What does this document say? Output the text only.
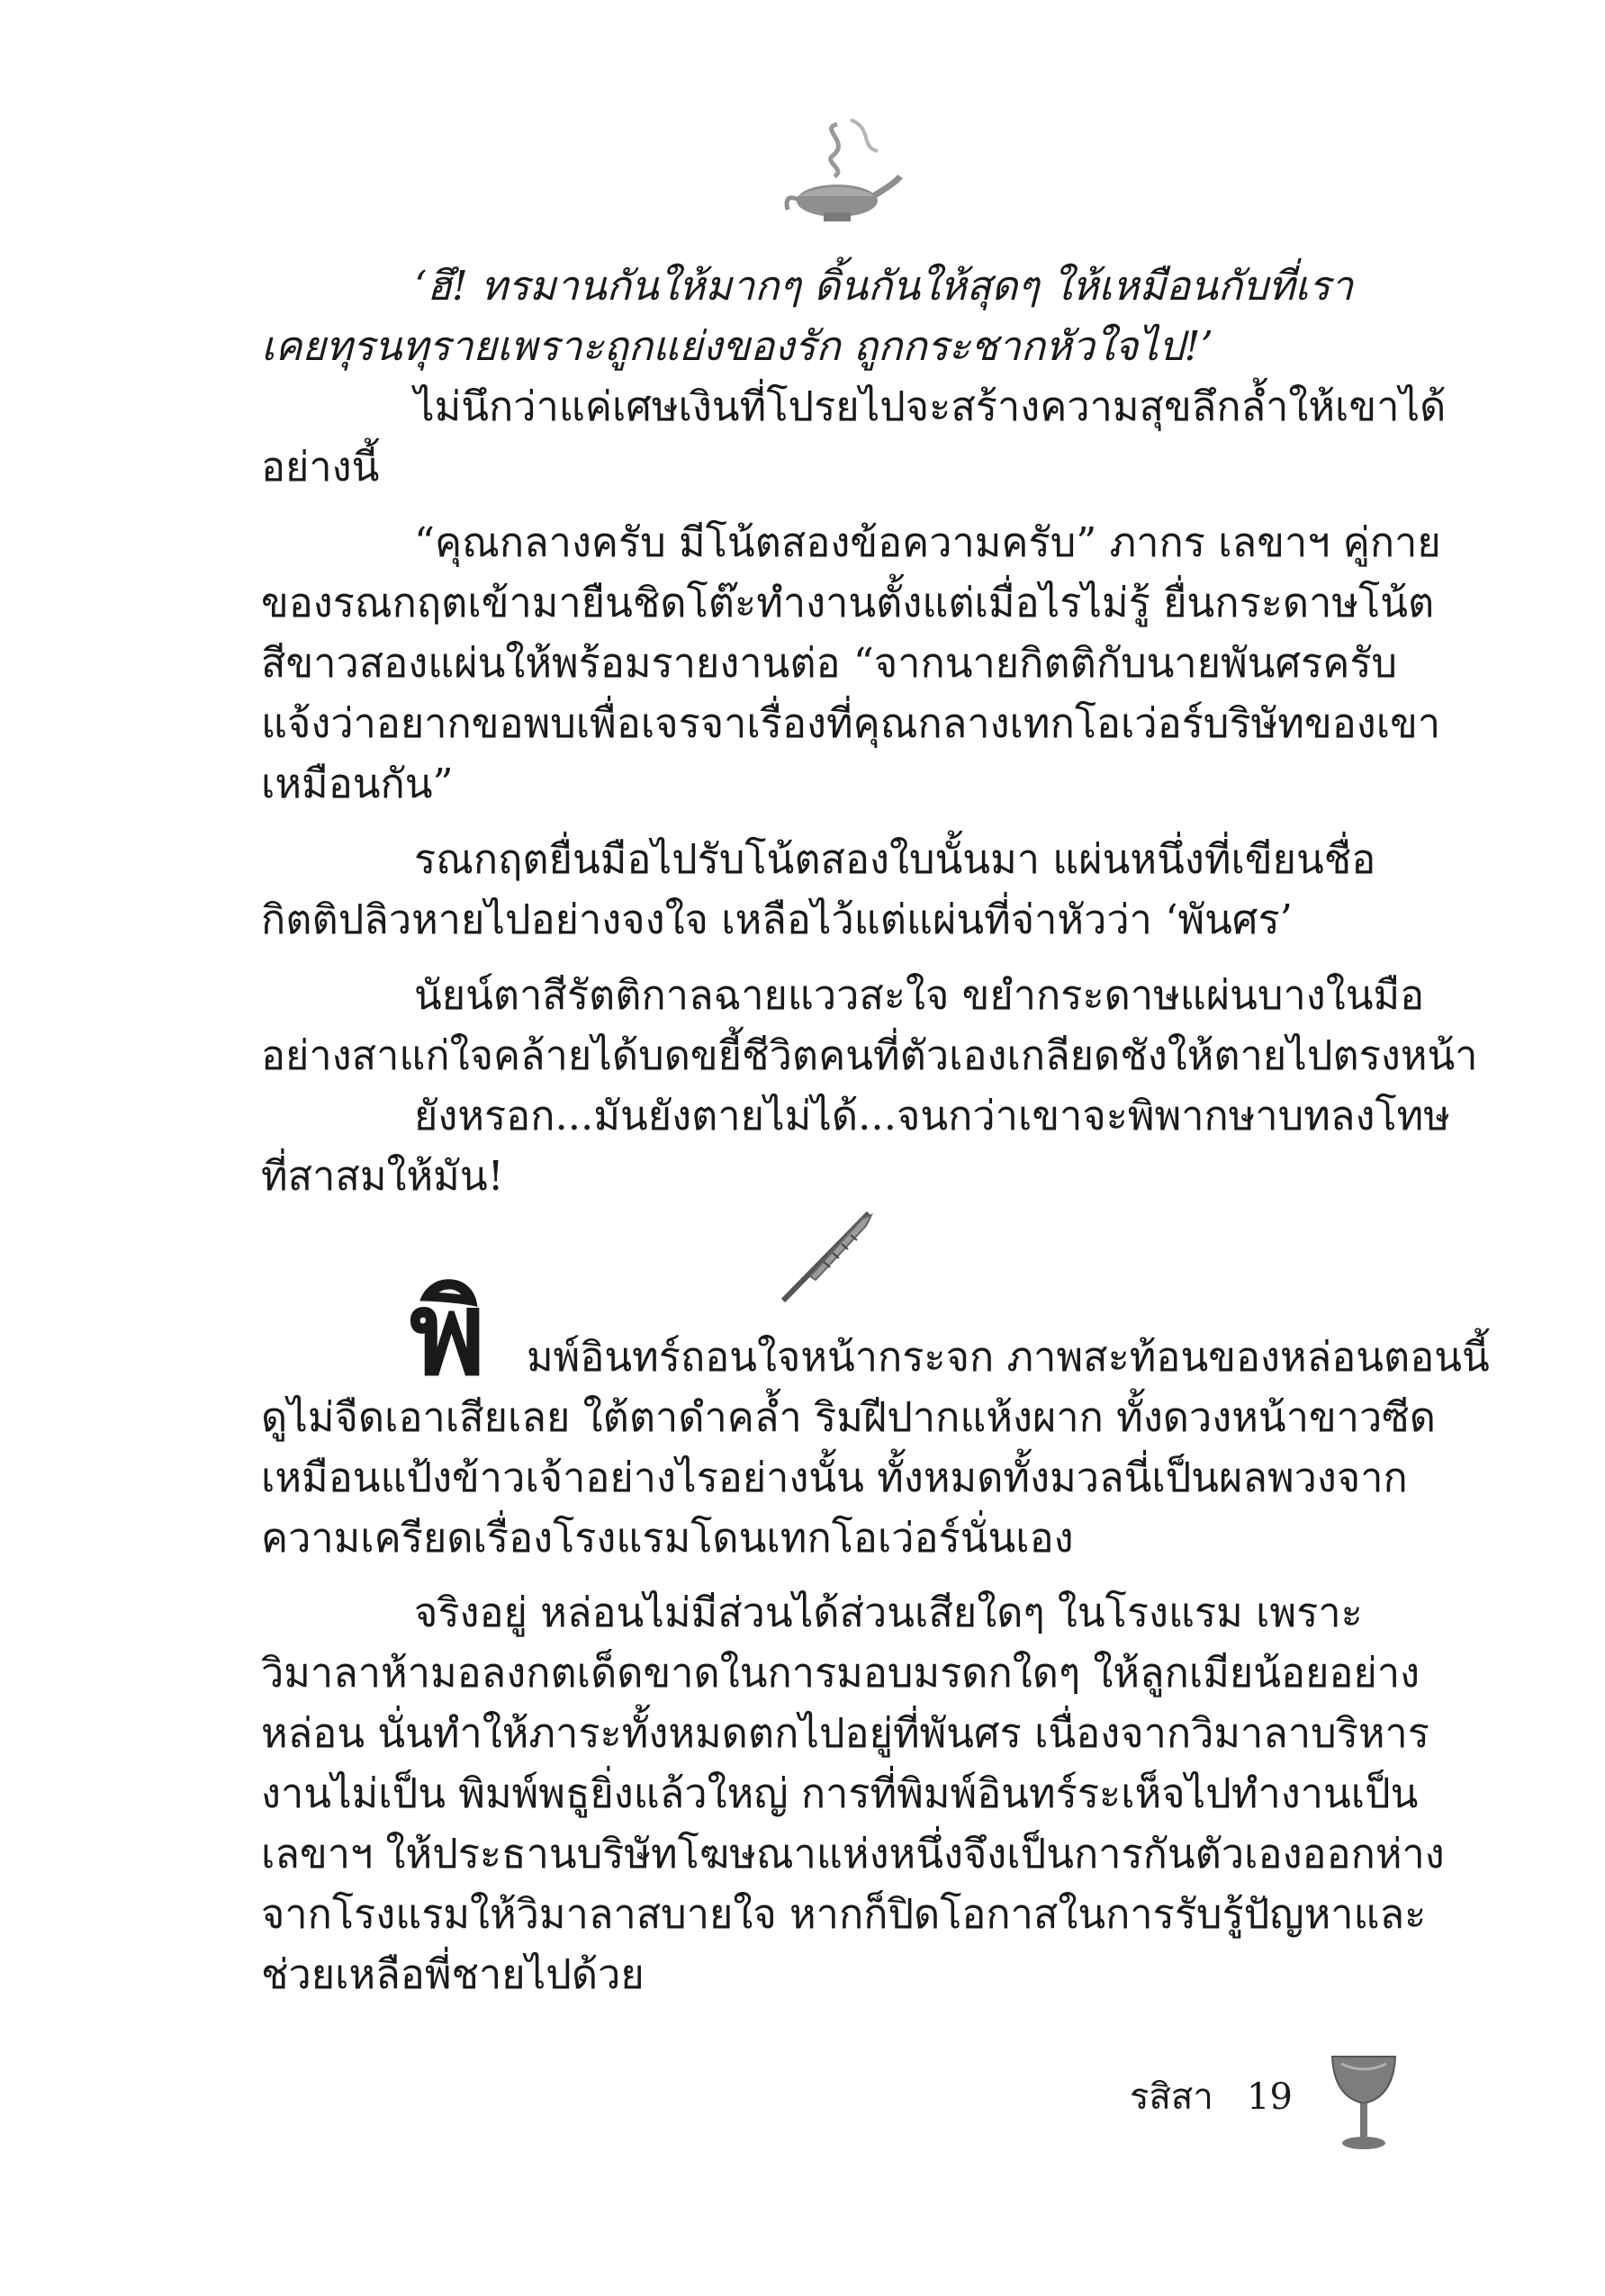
‘ฮึ! ทรมานกันให้มากๆ ดิ้นกันให้สุดๆ ให้เหมือนกับที่เรา
เคยทุรนทุรายเพราะถูกแย่งของรัก ถูกกระชากหัวใจไป!’
ไม่นึกว่าแค่เศษเงินที่โปรยไปจะสร้างความสุขลึกล้ำให้เขาได้
อย่างนี้
“คุณกลางครับ มีโน้ตสองข้อความครับ” ภากร เลขาฯ คู่กาย
ของรณกฤตเข้ามายืนชิดโต๊ะทำงานตั้งแต่เมื่อไรไม่รู้ ยื่นกระดาษโน้ต
สีขาวสองแผ่นให้พร้อมรายงานต่อ “จากนายกิตติกับนายพันศรครับ
แจ้งว่าอยากขอพบเพื่อเจรจาเรื่องที่คุณกลางเทกโอเว่อร์บริษัทของเขา
เหมือนกัน”
รณกฤตยื่นมือไปรับโน้ตสองใบนั้นมา แผ่นหนึ่งที่เขียนชื่อ
กิตติปลิวหายไปอย่างจงใจ เหลือไว้แต่แผ่นที่จ่าหัวว่า ‘พันศร’
นัยน์ตาสีรัตติกาลฉายแววสะใจ ขยำกระดาษแผ่นบางในมือ
อย่างสาแก่ใจคล้ายได้บดขยี้ชีวิตคนที่ตัวเองเกลียดชังให้ตายไปตรงหน้า
ยังหรอก...มันยังตายไม่ได้...จนกว่าเขาจะพิพากษาบทลงโทษ
ที่สาสมให้มัน!
พิ มพ์อินทร์ถอนใจหน้ากระจก ภาพสะท้อนของหล่อนตอนนี้
ดูไม่จืดเอาเสียเลย ใต้ตาดำคล้ำ ริมฝีปากแห้งผาก ทั้งดวงหน้าขาวซีด
เหมือนแป้งข้าวเจ้าอย่างไรอย่างนั้น ทั้งหมดทั้งมวลนี่เป็นผลพวงจาก
ความเครียดเรื่องโรงแรมโดนเทกโอเว่อร์นั่นเอง
จริงอยู่ หล่อนไม่มีส่วนได้ส่วนเสียใดๆ ในโรงแรม เพราะ
วิมาลาห้ามอลงกตเด็ดขาดในการมอบมรดกใดๆ ให้ลูกเมียน้อยอย่าง
หล่อน นั่นทำให้ภาระทั้งหมดตกไปอยู่ที่พันศร เนื่องจากวิมาลาบริหาร
งานไม่เป็น พิมพ์พธูยิ่งแล้วใหญ่ การที่พิมพ์อินทร์ระเห็จไปทำงานเป็น
เลขาฯ ให้ประธานบริษัทโฆษณาแห่งหนึ่งจึงเป็นการกันตัวเองออกห่าง
จากโรงแรมให้วิมาลาสบายใจ หากก็ปิดโอกาสในการรับรู้ปัญหาและ
ช่วยเหลือพี่ชายไปด้วย
รสิสา 19
